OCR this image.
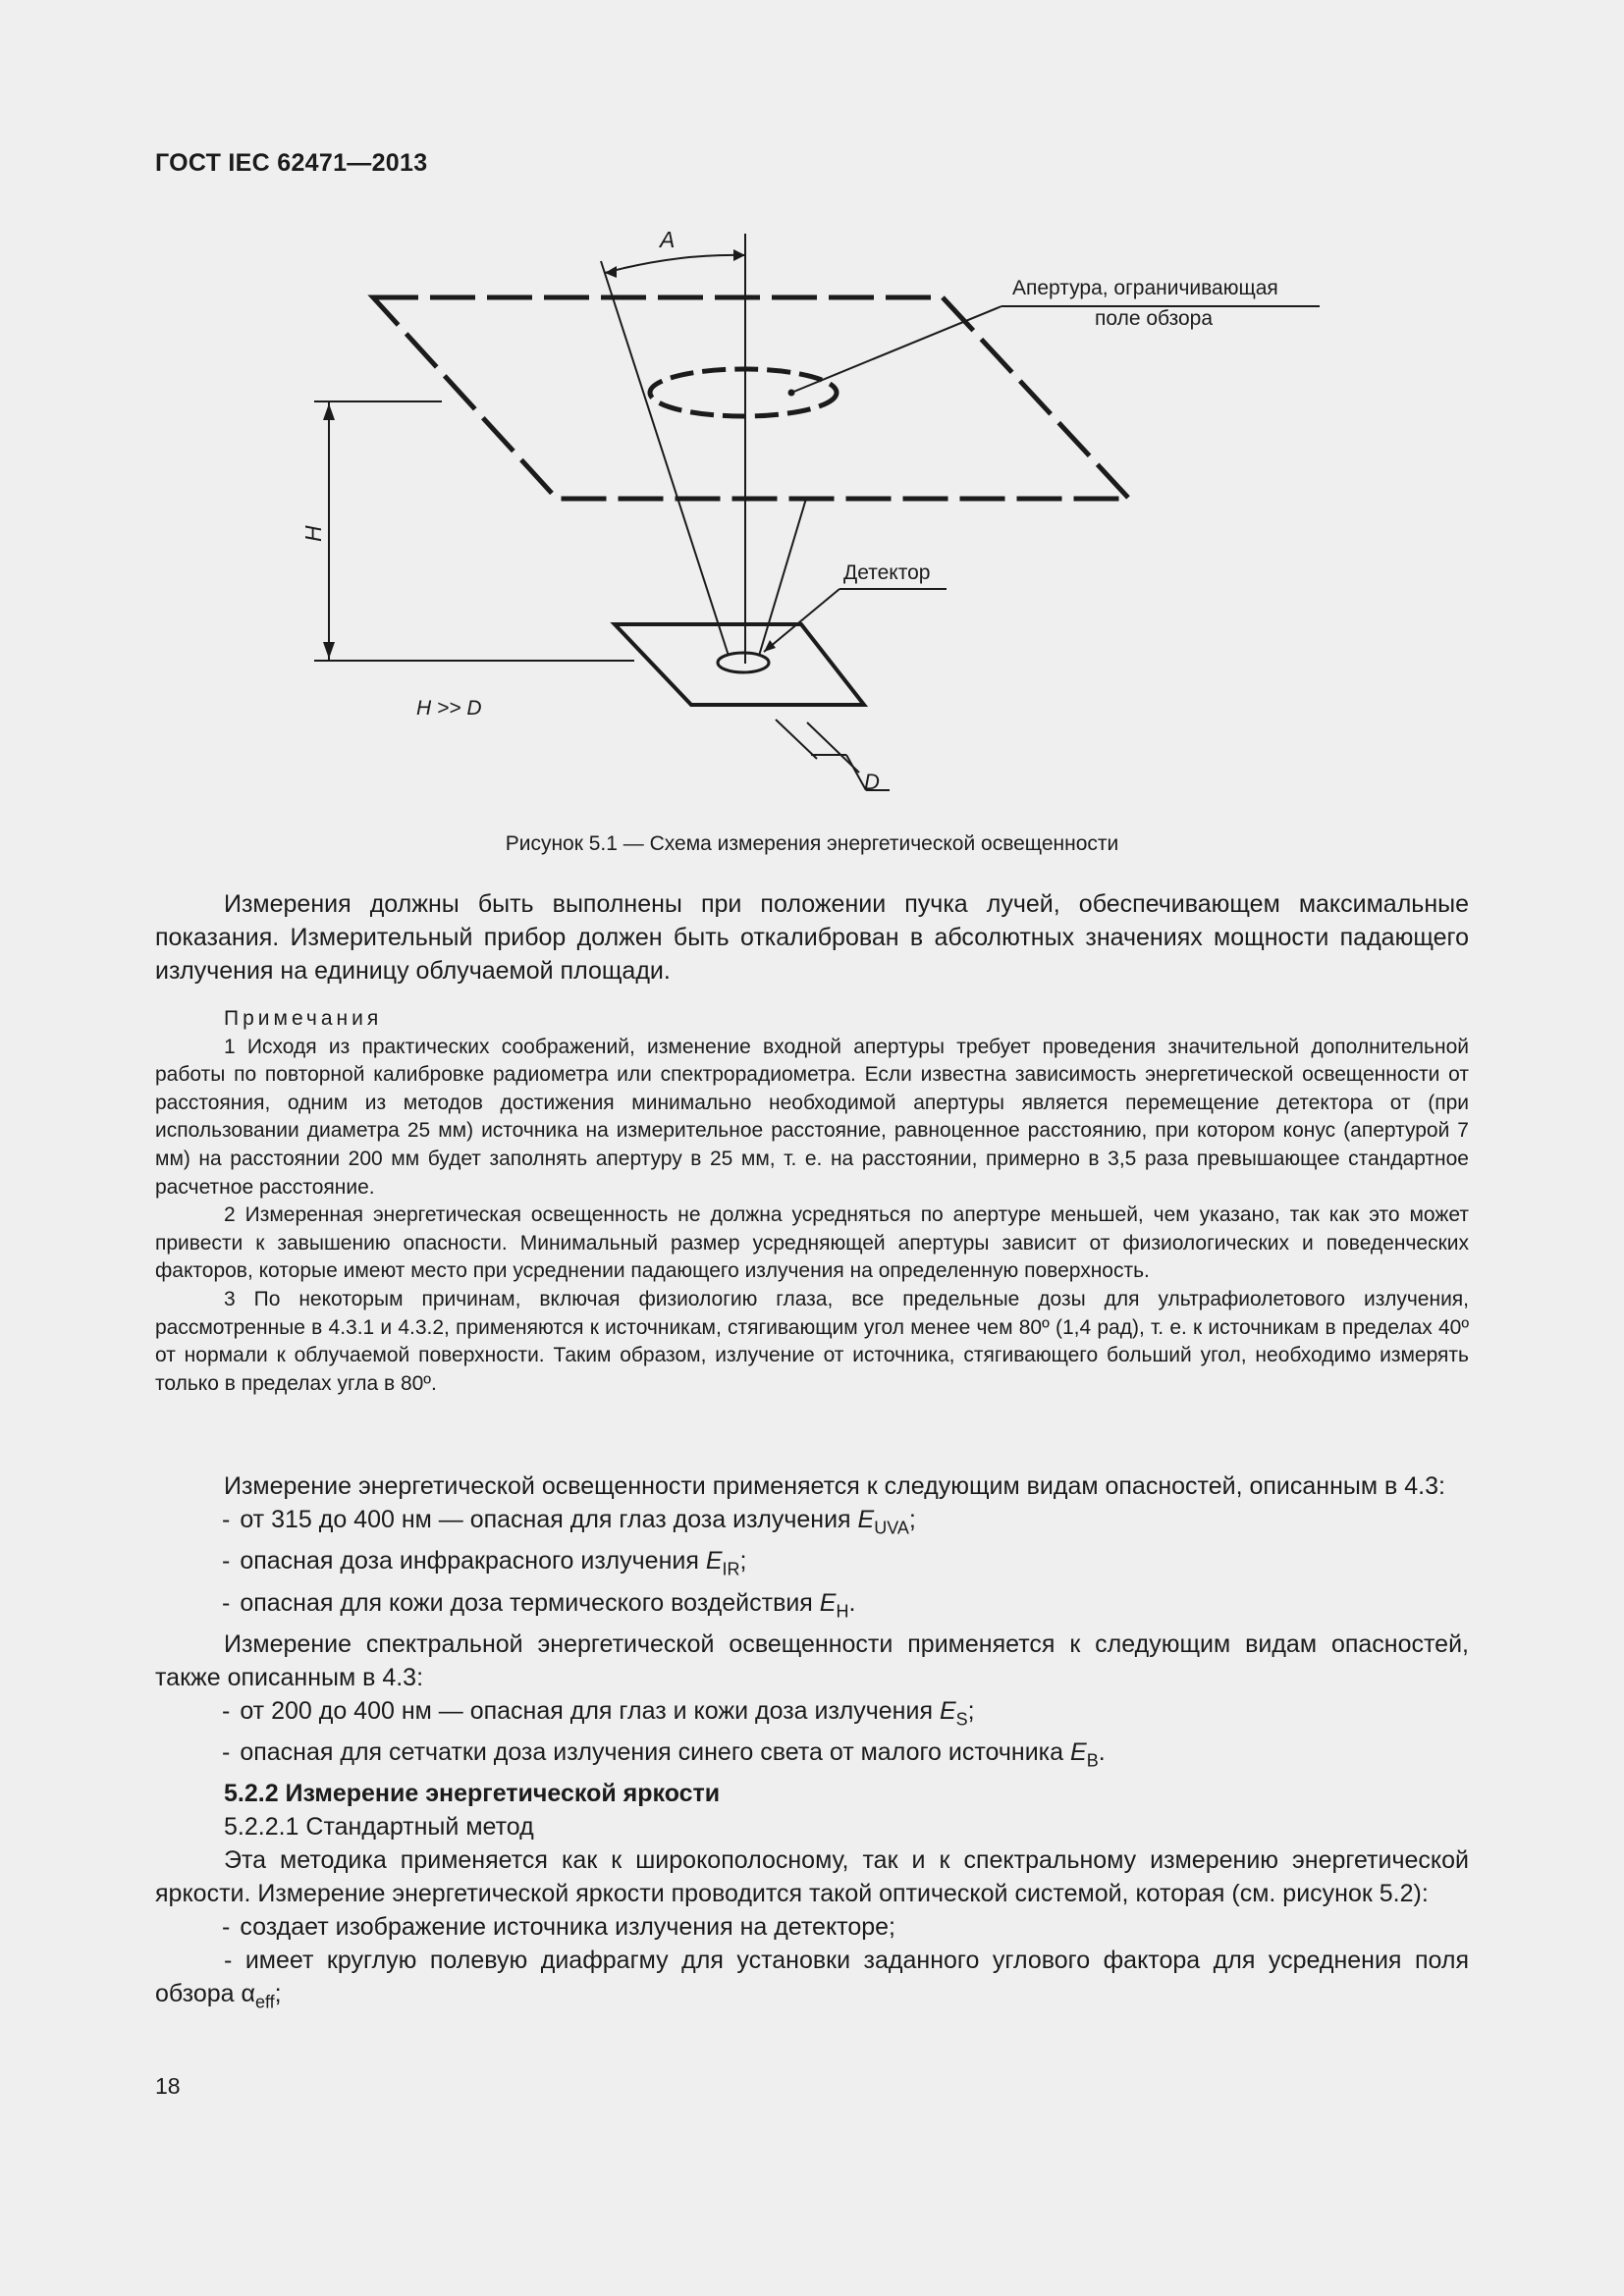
ГОСТ IEC 62471—2013
A
Апертура, ограничивающая
поле обзора
Детектор
H
H >> D
D
Рисунок 5.1 — Схема измерения энергетической освещенности

Измерения должны быть выполнены при положении пучка лучей, обеспечивающем максимальные показания. Измерительный прибор должен быть откалиброван в абсолютных значениях мощности падающего излучения на единицу облучаемой площади.

Примечания

1 Исходя из практических соображений, изменение входной апертуры требует проведения значительной дополнительной работы по повторной калибровке радиометра или спектрорадиометра. Если известна зависимость энергетической освещенности от расстояния, одним из методов достижения минимально необходимой апертуры является перемещение детектора от (при использовании диаметра 25 мм) источника на измерительное расстояние, равноценное расстоянию, при котором конус (апертурой 7 мм) на расстоянии 200 мм будет заполнять апертуру в 25 мм, т. е. на расстоянии, примерно в 3,5 раза превышающее стандартное расчетное расстояние.

2 Измеренная энергетическая освещенность не должна усредняться по апертуре меньшей, чем указано, так как это может привести к завышению опасности. Минимальный размер усредняющей апертуры зависит от физиологических и поведенческих факторов, которые имеют место при усреднении падающего излучения на определенную поверхность.

3 По некоторым причинам, включая физиологию глаза, все предельные дозы для ультрафиолетового излучения, рассмотренные в 4.3.1 и 4.3.2, применяются к источникам, стягивающим угол менее чем 80º (1,4 рад), т. е. к источникам в пределах 40º от нормали к облучаемой поверхности. Таким образом, излучение от источника, стягивающего больший угол, необходимо измерять только в пределах угла в 80º.

Измерение энергетической освещенности применяется к следующим видам опасностей, описанным в 4.3:

- от 315 до 400 нм — опасная для глаз доза излучения $E_{UVA}$;

- опасная доза инфракрасного излучения $E_{IR}$;

- опасная для кожи доза термического воздействия $E_H$.

Измерение спектральной энергетической освещенности применяется к следующим видам опасностей, также описанным в 4.3:

- от 200 до 400 нм — опасная для глаз и кожи доза излучения $E_S$;

- опасная для сетчатки доза излучения синего света от малого источника $E_B$.

5.2.2 Измерение энергетической яркости

5.2.2.1 Стандартный метод

Эта методика применяется как к широкополосному, так и к спектральному измерению энергетической яркости. Измерение энергетической яркости проводится такой оптической системой, которая (см. рисунок 5.2):

- создает изображение источника излучения на детекторе;

- имеет круглую полевую диафрагму для установки заданного углового фактора для усреднения поля обзора $\alpha_{eff}$;

18
